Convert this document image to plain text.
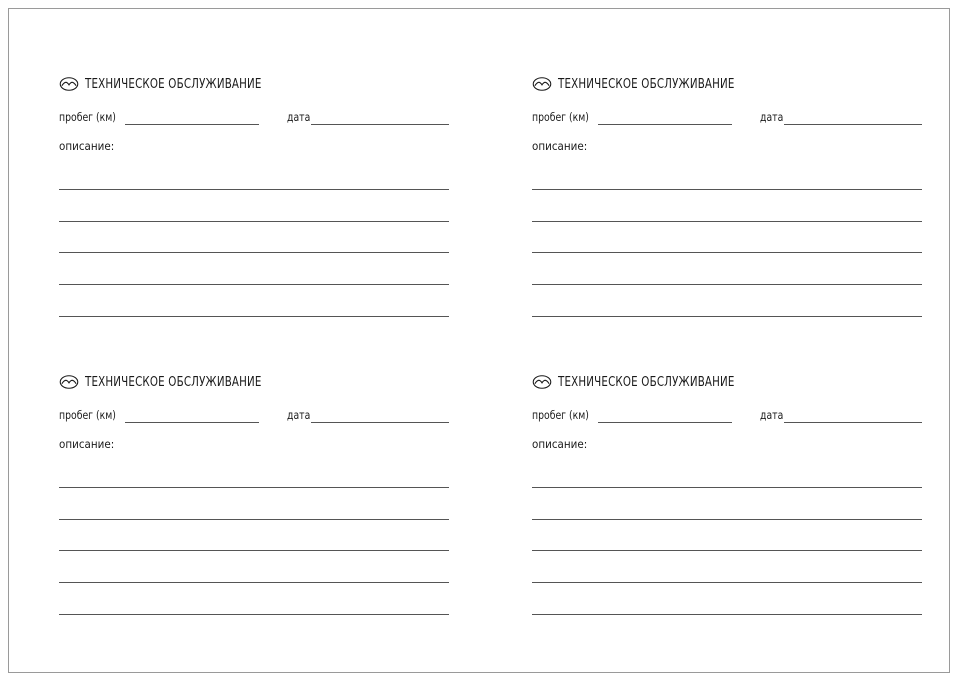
ТЕХНИЧЕСКОЕ ОБСЛУЖИВАНИЕ
пробег (км)	дата
описание:
ТЕХНИЧЕСКОЕ ОБСЛУЖИВАНИЕ
пробег (км)	дата
описание:
ТЕХНИЧЕСКОЕ ОБСЛУЖИВАНИЕ
пробег (км)	дата
описание:
ТЕХНИЧЕСКОЕ ОБСЛУЖИВАНИЕ
пробег (км)	дата
описание:
